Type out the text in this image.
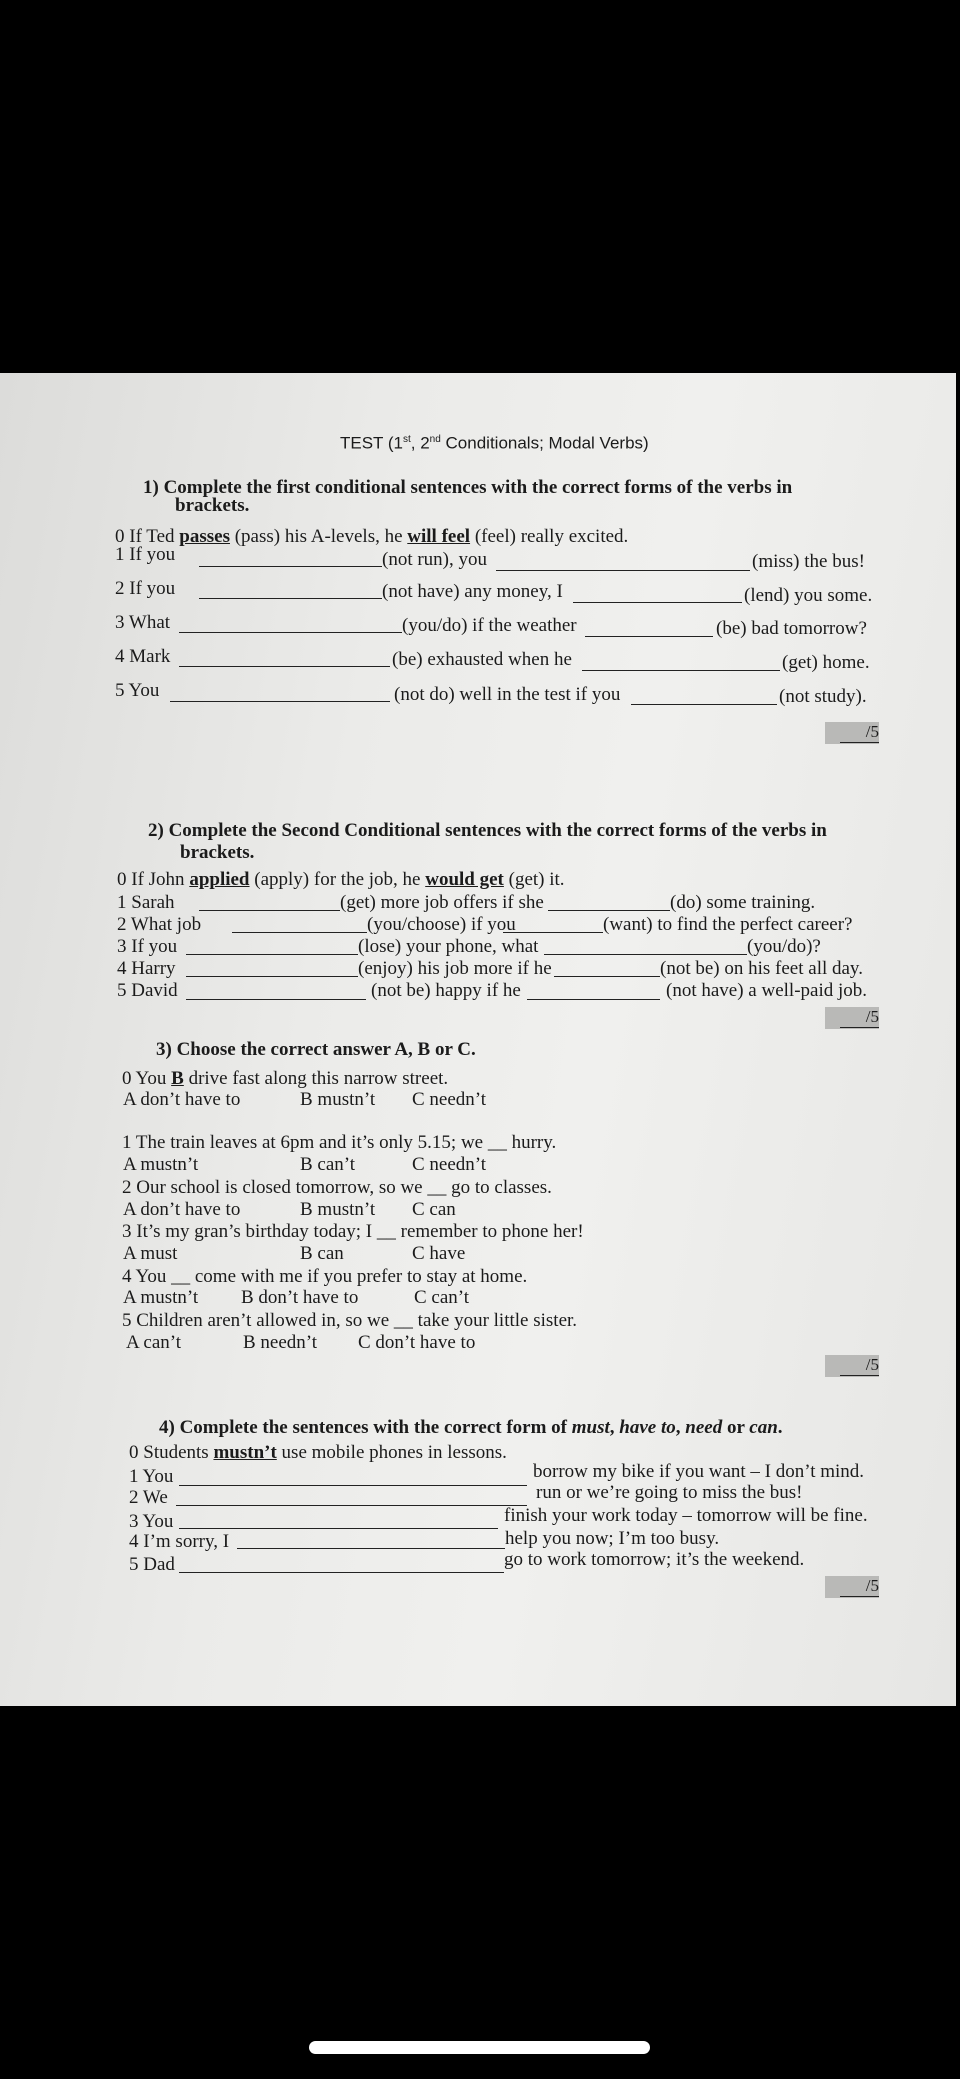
TEST (1st, 2nd Conditionals; Modal Verbs)
1) Complete the first conditional sentences with the correct forms of the verbs in
brackets.
0 If Ted passes (pass) his A-levels, he will feel (feel) really excited.
1 If you	(not run), you	(miss) the bus!
2 If you	(not have) any money, I	(lend) you some.
3 What	(you/do) if the weather	(be) bad tomorrow?
4 Mark	(be) exhausted when he	(get) home.
5 You	(not do) well in the test if you	(not study).
/5
2) Complete the Second Conditional sentences with the correct forms of the verbs in
brackets.
0 If John applied (apply) for the job, he would get (get) it.
1 Sarah	(get) more job offers if she	(do) some training.
2 What job	(you/choose) if you	(want) to find the perfect career?
3 If you	(lose) your phone, what	(you/do)?
4 Harry	(enjoy) his job more if he	(not be) on his feet all day.
5 David	(not be) happy if he	(not have) a well-paid job.
/5
3) Choose the correct answer A, B or C.
0 You B drive fast along this narrow street.
A don’t have to	B mustn’t C needn’t
1 The train leaves at 6pm and it’s only 5.15; we __ hurry.
A mustn’t	B can’t	C needn’t
2 Our school is closed tomorrow, so we __ go to classes.
A don’t have to	B mustn’t C can
3 It’s my gran’s birthday today; I __ remember to phone her!
A must	B can	C have
4 You __ come with me if you prefer to stay at home.
A mustn’t B don’t have to	C can’t
5 Children aren’t allowed in, so we __ take your little sister.
A can’t	B needn’t C don’t have to
/5
4) Complete the sentences with the correct form of must, have to, need or can.
0 Students mustn’t use mobile phones in lessons.
1 You	borrow my bike if you want – I don’t mind.
2 We	run or we’re going to miss the bus!
3 You	finish your work today – tomorrow will be fine.
4 I’m sorry, I	help you now; I’m too busy.
5 Dad	go to work tomorrow; it’s the weekend.
/5
